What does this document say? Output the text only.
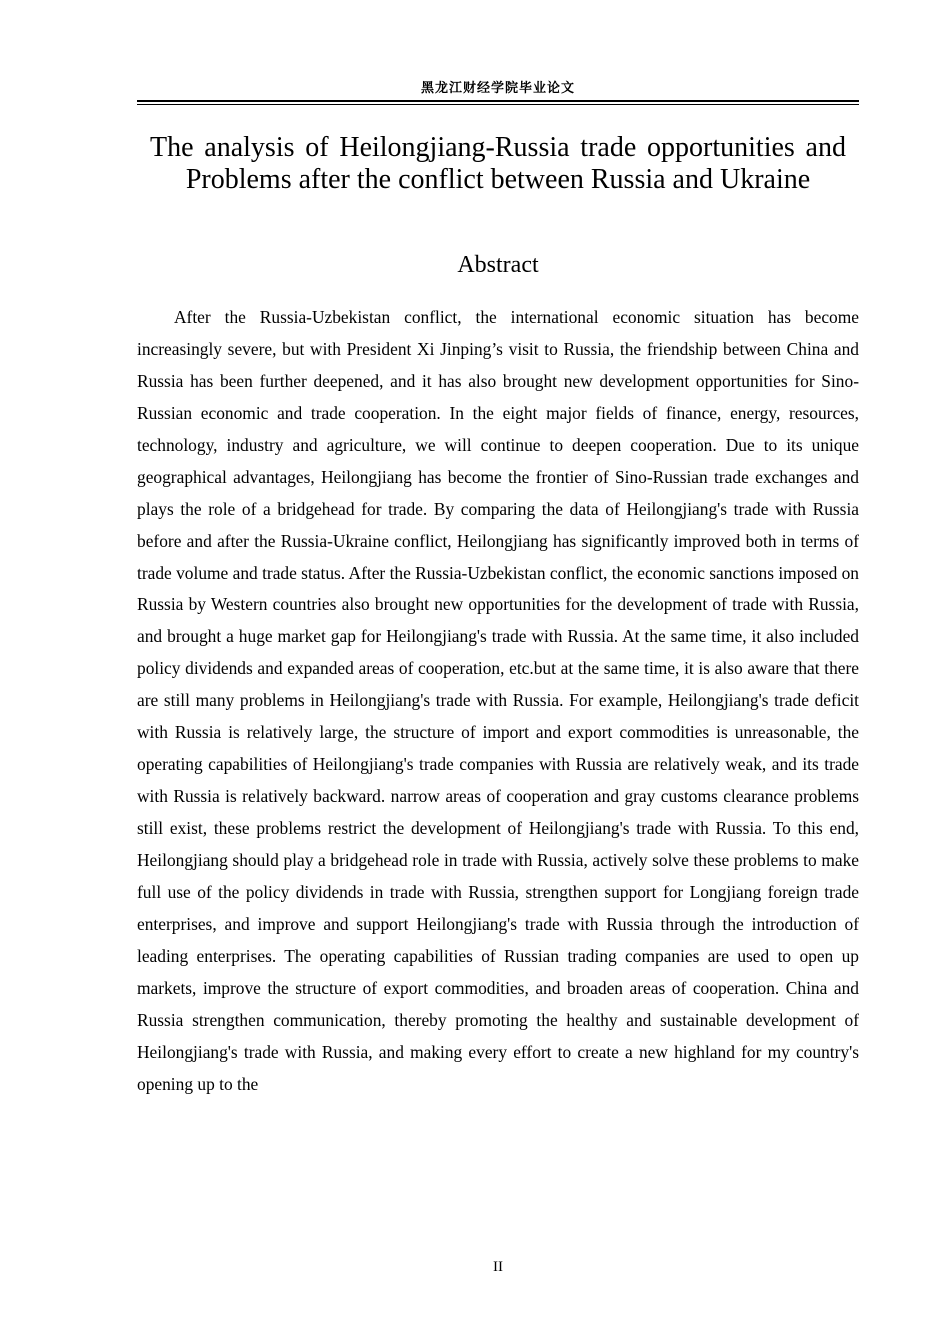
黑龙江财经学院毕业论文
The analysis of Heilongjiang-Russia trade opportunities and Problems after the conflict between Russia and Ukraine
Abstract

After the Russia-Uzbekistan conflict, the international economic situation has become increasingly severe, but with President Xi Jinping’s visit to Russia, the friendship between China and Russia has been further deepened, and it has also brought new development opportunities for Sino-Russian economic and trade cooperation. In the eight major fields of finance, energy, resources, technology, industry and agriculture, we will continue to deepen cooperation. Due to its unique geographical advantages, Heilongjiang has become the frontier of Sino-Russian trade exchanges and plays the role of a bridgehead for trade. By comparing the data of Heilongjiang's trade with Russia before and after the Russia-Ukraine conflict, Heilongjiang has significantly improved both in terms of trade volume and trade status. After the Russia-Uzbekistan conflict, the economic sanctions imposed on Russia by Western countries also brought new opportunities for the development of trade with Russia, and brought a huge market gap for Heilongjiang's trade with Russia. At the same time, it also included policy dividends and expanded areas of cooperation, etc.but at the same time, it is also aware that there are still many problems in Heilongjiang's trade with Russia. For example, Heilongjiang's trade deficit with Russia is relatively large, the structure of import and export commodities is unreasonable, the operating capabilities of Heilongjiang's trade companies with Russia are relatively weak, and its trade with Russia is relatively backward. narrow areas of cooperation and gray customs clearance problems still exist, these problems restrict the development of Heilongjiang's trade with Russia. To this end, Heilongjiang should play a bridgehead role in trade with Russia, actively solve these problems to make full use of the policy dividends in trade with Russia, strengthen support for Longjiang foreign trade enterprises, and improve and support Heilongjiang's trade with Russia through the introduction of leading enterprises. The operating capabilities of Russian trading companies are used to open up markets, improve the structure of export commodities, and broaden areas of cooperation. China and Russia strengthen communication, thereby promoting the healthy and sustainable development of Heilongjiang's trade with Russia, and making every effort to create a new highland for my country's opening up to the

II
